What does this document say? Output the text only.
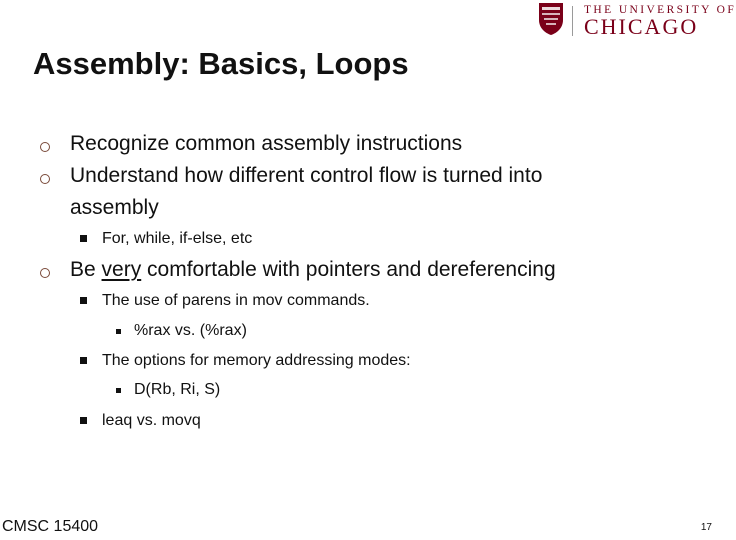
THE UNIVERSITY OF
CHICAGO
Assembly: Basics, Loops
Recognize common assembly instructions
Understand how different control flow is turned into
assembly
For, while, if-else, etc
Be very comfortable with pointers and dereferencing
The use of parens in mov commands.
%rax vs. (%rax)
The options for memory addressing modes:
D(Rb, Ri, S)
leaq vs. movq
CMSC 15400	17
